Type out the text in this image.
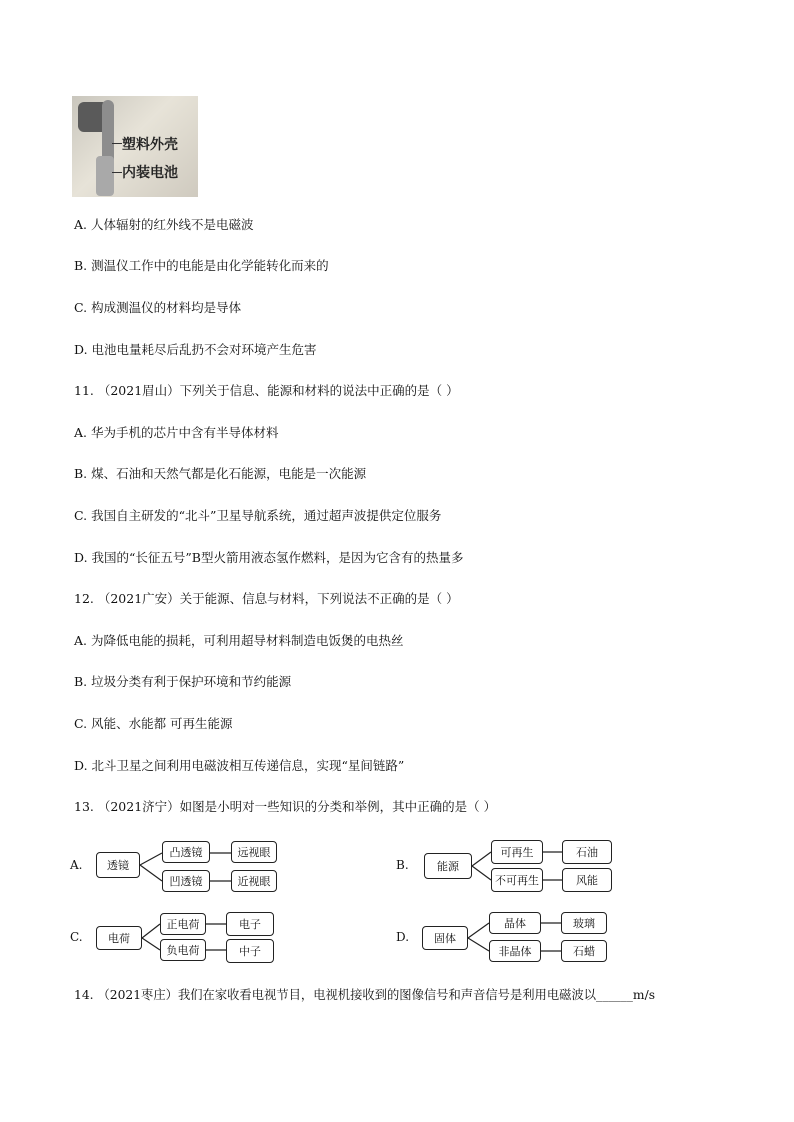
塑料外壳
内装电池
A. 人体辐射的红外线不是电磁波
B. 测温仪工作中的电能是由化学能转化而来的
C. 构成测温仪的材料均是导体
D. 电池电量耗尽后乱扔不会对环境产生危害
11. （2021眉山）下列关于信息、能源和材料的说法中正确的是（ ）
A. 华为手机的芯片中含有半导体材料
B. 煤、石油和天然气都是化石能源，电能是一次能源
C. 我国自主研发的“北斗”卫星导航系统，通过超声波提供定位服务
D. 我国的“长征五号”B型火箭用液态氢作燃料，是因为它含有的热量多
12. （2021广安）关于能源、信息与材料，下列说法不正确的是（ ）
A. 为降低电能的损耗，可利用超导材料制造电饭煲的电热丝
B. 垃圾分类有利于保护环境和节约能源
C. 风能、水能都 可再生能源
D. 北斗卫星之间利用电磁波相互传递信息，实现“星间链路”
13. （2021济宁）如图是小明对一些知识的分类和举例，其中正确的是（ ）
A.	透镜
凸透镜
凹透镜
远视眼
近视眼
B.	能源
可再生
不可再生
石油
风能
C.	电荷
正电荷
负电荷
电子
中子
D.	固体
晶体
非晶体
玻璃
石蜡
14. （2021枣庄）我们在家收看电视节目，电视机接收到的图像信号和声音信号是利用电磁波以______m/s
